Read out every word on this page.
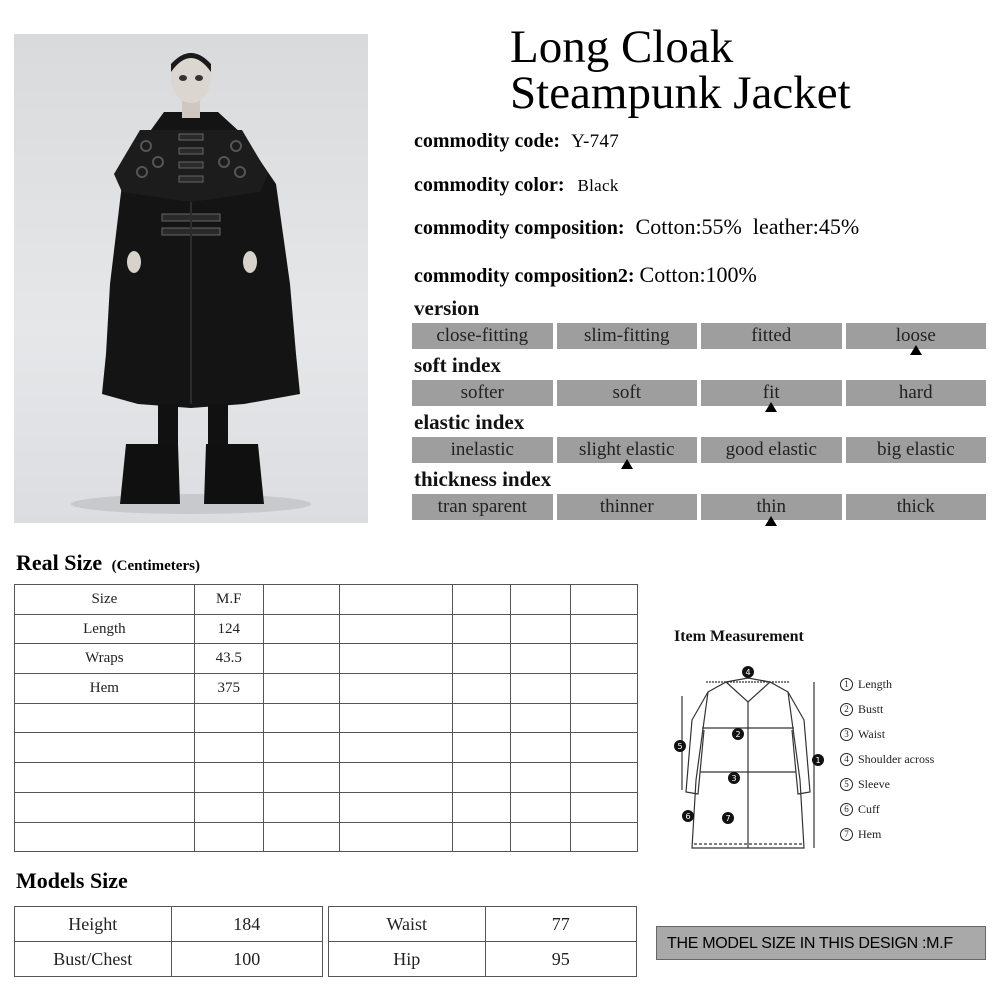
Long Cloak
Steampunk Jacket
commodity code: Y-747
commodity color: Black
commodity composition: Cotton:55%  leather:45%
commodity composition2: Cotton:100%
version
close-fitting	slim-fitting	fitted	loose
soft index
softer	soft	fit	hard
elastic index
inelastic	slight elastic	good elastic	big elastic
thickness index
tran sparent	thinner	thin	thick
Real Size (Centimeters)
Size	M.F					
Length	124					
Wraps	43.5					
Hem	375					

Item Measurement
4
2
3
1
5
6	7
1 Length
2 Bustt
3 Waist
4 Shoulder across
5 Sleeve
6 Cuff
7 Hem
Models Size
Height	184
Bust/Chest	100
Waist	77
Hip	95
THE MODEL SIZE IN THIS DESIGN :M.F
